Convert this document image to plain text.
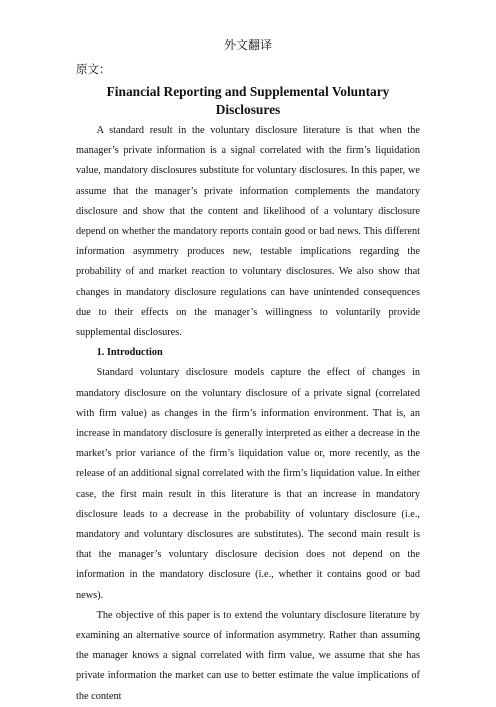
外文翻译
原文：
Financial Reporting and Supplemental Voluntary Disclosures

A standard result in the voluntary disclosure literature is that when the manager’s private information is a signal correlated with the firm’s liquidation value, mandatory disclosures substitute for voluntary disclosures. In this paper, we assume that the manager’s private information complements the mandatory disclosure and show that the content and likelihood of a voluntary disclosure depend on whether the mandatory reports contain good or bad news. This different information asymmetry produces new, testable implications regarding the probability of and market reaction to voluntary disclosures. We also show that changes in mandatory disclosure regulations can have unintended consequences due to their effects on the manager’s willingness to voluntarily provide supplemental disclosures.

1. Introduction

Standard voluntary disclosure models capture the effect of changes in mandatory disclosure on the voluntary disclosure of a private signal (correlated with firm value) as changes in the firm’s information environment. That is, an increase in mandatory disclosure is generally interpreted as either a decrease in the market’s prior variance of the firm’s liquidation value or, more recently, as the release of an additional signal correlated with the firm’s liquidation value. In either case, the first main result in this literature is that an increase in mandatory disclosure leads to a decrease in the probability of voluntary disclosure (i.e., mandatory and voluntary disclosures are substitutes). The second main result is that the manager’s voluntary disclosure decision does not depend on the information in the mandatory disclosure (i.e., whether it contains good or bad news).

The objective of this paper is to extend the voluntary disclosure literature by examining an alternative source of information asymmetry. Rather than assuming the manager knows a signal correlated with firm value, we assume that she has private information the market can use to better estimate the value implications of the content
